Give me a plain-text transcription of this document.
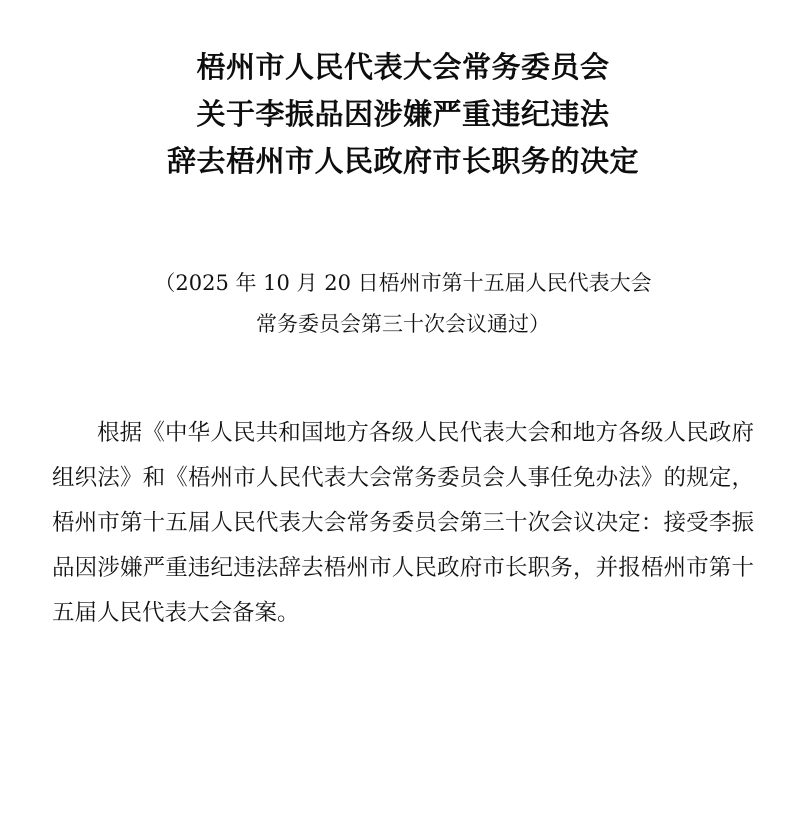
梧州市人民代表大会常务委员会
关于李振品因涉嫌严重违纪违法
辞去梧州市人民政府市长职务的决定
（2025 年 10 月 20 日梧州市第十五届人民代表大会
常务委员会第三十次会议通过）

根据《中华人民共和国地方各级人民代表大会和地方各级人民政府组织法》和《梧州市人民代表大会常务委员会人事任免办法》的规定，梧州市第十五届人民代表大会常务委员会第三十次会议决定：接受李振品因涉嫌严重违纪违法辞去梧州市人民政府市长职务，并报梧州市第十五届人民代表大会备案。
